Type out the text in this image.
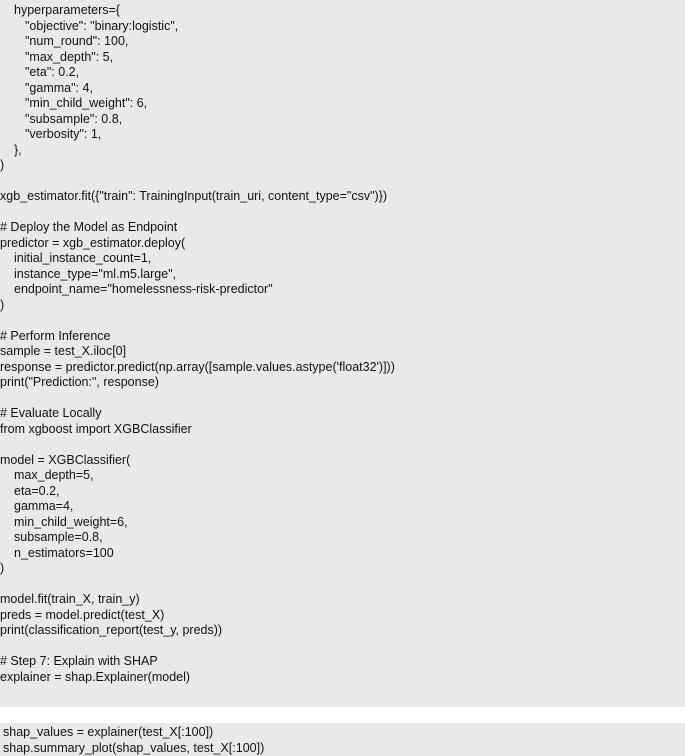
hyperparameters={
"objective": "binary:logistic",
"num_round": 100,
"max_depth": 5,
"eta": 0.2,
"gamma": 4,
"min_child_weight": 6,
"subsample": 0.8,
"verbosity": 1,
},
)
xgb_estimator.fit({"train": TrainingInput(train_uri, content_type="csv")})
# Deploy the Model as Endpoint
predictor = xgb_estimator.deploy(
initial_instance_count=1,
instance_type="ml.m5.large",
endpoint_name="homelessness-risk-predictor"
)
# Perform Inference
sample = test_X.iloc[0]
response = predictor.predict(np.array([sample.values.astype('float32')]))
print("Prediction:", response)
# Evaluate Locally
from xgboost import XGBClassifier
model = XGBClassifier(
max_depth=5,
eta=0.2,
gamma=4,
min_child_weight=6,
subsample=0.8,
n_estimators=100
)
model.fit(train_X, train_y)
preds = model.predict(test_X)
print(classification_report(test_y, preds))
# Step 7: Explain with SHAP
explainer = shap.Explainer(model)
shap_values = explainer(test_X[:100])
shap.summary_plot(shap_values, test_X[:100])
